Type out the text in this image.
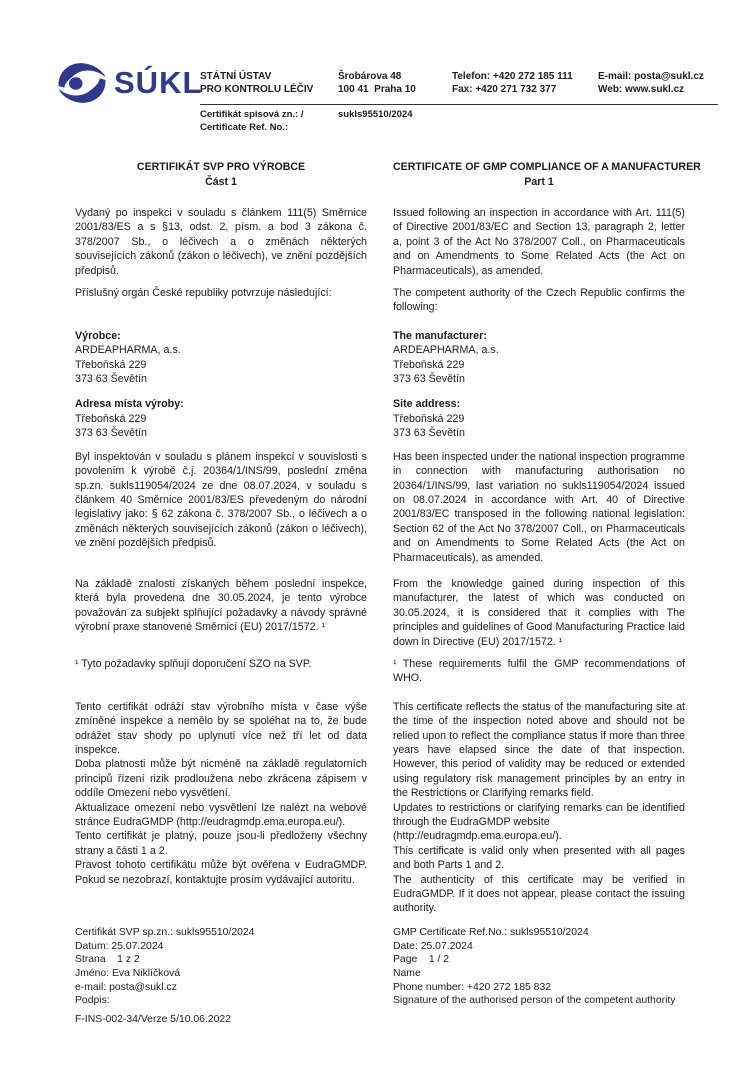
SÚKL
STÁTNÍ ÚSTAV
PRO KONTROLU LÉČIV
Šrobárova 48
100 41  Praha 10
Telefon: +420 272 185 111
Fax: +420 271 732 377
E-mail: posta@sukl.cz
Web: www.sukl.cz
Certifikát spisová zn.: /
Certificate Ref. No.:
sukls95510/2024
CERTIFIKÁT SVP PRO VÝROBCE
Část 1
CERTIFICATE OF GMP COMPLIANCE OF A MANUFACTURER
Part 1
Vydaný po inspekci v souladu s článkem 111(5) Směrnice 2001/83/ES a s §13, odst. 2, písm. a bod 3 zákona č. 378/2007 Sb., o léčivech a o změnách některých souvisejících zákonů (zákon o léčivech), ve znění pozdějších předpisů.
Issued following an inspection in accordance with Art. 111(5) of Directive 2001/83/EC and Section 13, paragraph 2, letter a, point 3 of the Act No 378/2007 Coll., on Pharmaceuticals and on Amendments to Some Related Acts (the Act on Pharmaceuticals), as amended.
Příslušný orgán České republiky potvrzuje následující:	The competent authority of the Czech Republic confirms the following:
Výrobce:
ARDEAPHARMA, a.s.
Třeboňská 229
373 63 Ševětín
The manufacturer:
ARDEAPHARMA, a.s.
Třeboňská 229
373 63 Ševětín
Adresa místa výroby:
Třeboňská 229
373 63 Ševětín
Site address:
Třeboňská 229
373 63 Ševětín
Byl inspektován v souladu s plánem inspekcí v souvislosti s povolením k výrobě č.j. 20364/1/INS/99, poslední změna sp.zn. sukls119054/2024 ze dne 08.07.2024, v souladu s článkem 40 Směrnice 2001/83/ES převedeným do národní legislativy jako: § 62 zákona č. 378/2007 Sb., o léčivech a o změnách některých souvisejících zákonů (zákon o léčivech), ve znění pozdějších předpisů.
Has been inspected under the national inspection programme in connection with manufacturing authorisation no 20364/1/INS/99, last variation no sukls119054/2024 issued on 08.07.2024 in accordance with Art. 40 of Directive 2001/83/EC transposed in the following national legislation: Section 62 of the Act No 378/2007 Coll., on Pharmaceuticals and on Amendments to Some Related Acts (the Act on Pharmaceuticals), as amended.
Na základě znalostí získaných během poslední inspekce, která byla provedena dne 30.05.2024, je tento výrobce považován za subjekt splňující požadavky a návody správné výrobní praxe stanovené Směrnicí (EU) 2017/1572. ¹
From the knowledge gained during inspection of this manufacturer, the latest of which was conducted on 30.05.2024, it is considered that it complies with The principles and guidelines of Good Manufacturing Practice laid down in Directive (EU) 2017/1572. ¹
¹ Tyto požadavky splňují doporučení SZO na SVP.	¹ These requirements fulfil the GMP recommendations of WHO.

Tento certifikát odráží stav výrobního místa v čase výše zmíněné inspekce a nemělo by se spoléhat na to, že bude odrážet stav shody po uplynutí více než tří let od data inspekce.

Doba platnosti může být nicméně na základě regulatorních principů řízení rizik prodloužena nebo zkrácena zápisem v oddíle Omezení nebo vysvětlení.

Aktualizace omezení nebo vysvětlení lze nalézt na webové stránce EudraGMDP (http://eudragmdp.ema.europa.eu/).

Tento certifikát je platný, pouze jsou-li předloženy všechny strany a části 1 a 2.

Pravost tohoto certifikátu může být ověřena v EudraGMDP. Pokud se nezobrazí, kontaktujte prosím vydávající autoritu.

This certificate reflects the status of the manufacturing site at the time of the inspection noted above and should not be relied upon to reflect the compliance status if more than three years have elapsed since the date of that inspection. However, this period of validity may be reduced or extended using regulatory risk management principles by an entry in the Restrictions or Clarifying remarks field.

Updates to restrictions or clarifying remarks can be identified through the EudraGMDP website

(http://eudragmdp.ema.europa.eu/).

This certificate is valid only when presented with all pages and both Parts 1 and 2.

The authenticity of this certificate may be verified in EudraGMDP. If it does not appear, please contact the issuing authority.

Certifikát SVP sp.zn.: sukls95510/2024
Datum: 25.07.2024
Strana    1 z 2
Jméno: Eva Niklíčková
e-mail: posta@sukl.cz
Podpis:
GMP Certificate Ref.No.: sukls95510/2024
Date: 25.07.2024
Page    1 / 2
Name
Phone number: +420 272 185 832
Signature of the authorised person of the competent authority
F-INS-002-34/Verze 5/10.06.2022
